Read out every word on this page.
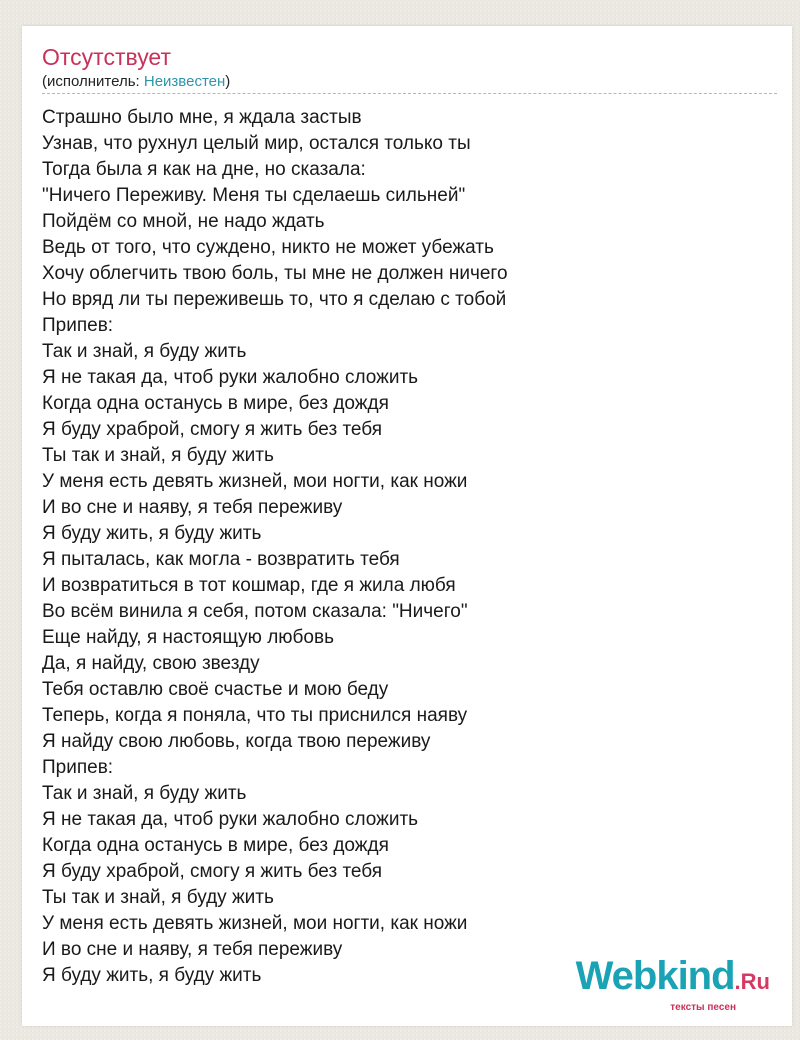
Отсутствует
(исполнитель: Неизвестен)
Страшно было мне, я ждала застыв
Узнав, что рухнул целый мир, остался только ты
Тогда была я как на дне, но сказала:
"Ничего Переживу. Меня ты сделаешь сильней"
Пойдём со мной, не надо ждать
Ведь от того, что суждено, никто не может убежать
Хочу облегчить твою боль, ты мне не должен ничего
Но вряд ли ты переживешь то, что я сделаю с тобой
Припев:
Так и знай, я буду жить
Я не такая да, чтоб руки жалобно сложить
Когда одна останусь в мире, без дождя
Я буду храброй, смогу я жить без тебя
Ты так и знай, я буду жить
У меня есть девять жизней, мои ногти, как ножи
И во сне и наяву, я тебя переживу
Я буду жить, я буду жить
Я пыталась, как могла - возвратить тебя
И возвратиться в тот кошмар, где я жила любя
Во всём винила я себя, потом сказала: "Ничего"
Еще найду, я настоящую любовь
Да, я найду, свою звезду
Тебя оставлю своё счастье и мою беду
Теперь, когда я поняла, что ты приснился наяву
Я найду свою любовь, когда твою переживу
Припев:
Так и знай, я буду жить
Я не такая да, чтоб руки жалобно сложить
Когда одна останусь в мире, без дождя
Я буду храброй, смогу я жить без тебя
Ты так и знай, я буду жить
У меня есть девять жизней, мои ногти, как ножи
И во сне и наяву, я тебя переживу
Я буду жить, я буду жить	Webkind.Ru
тексты песен
